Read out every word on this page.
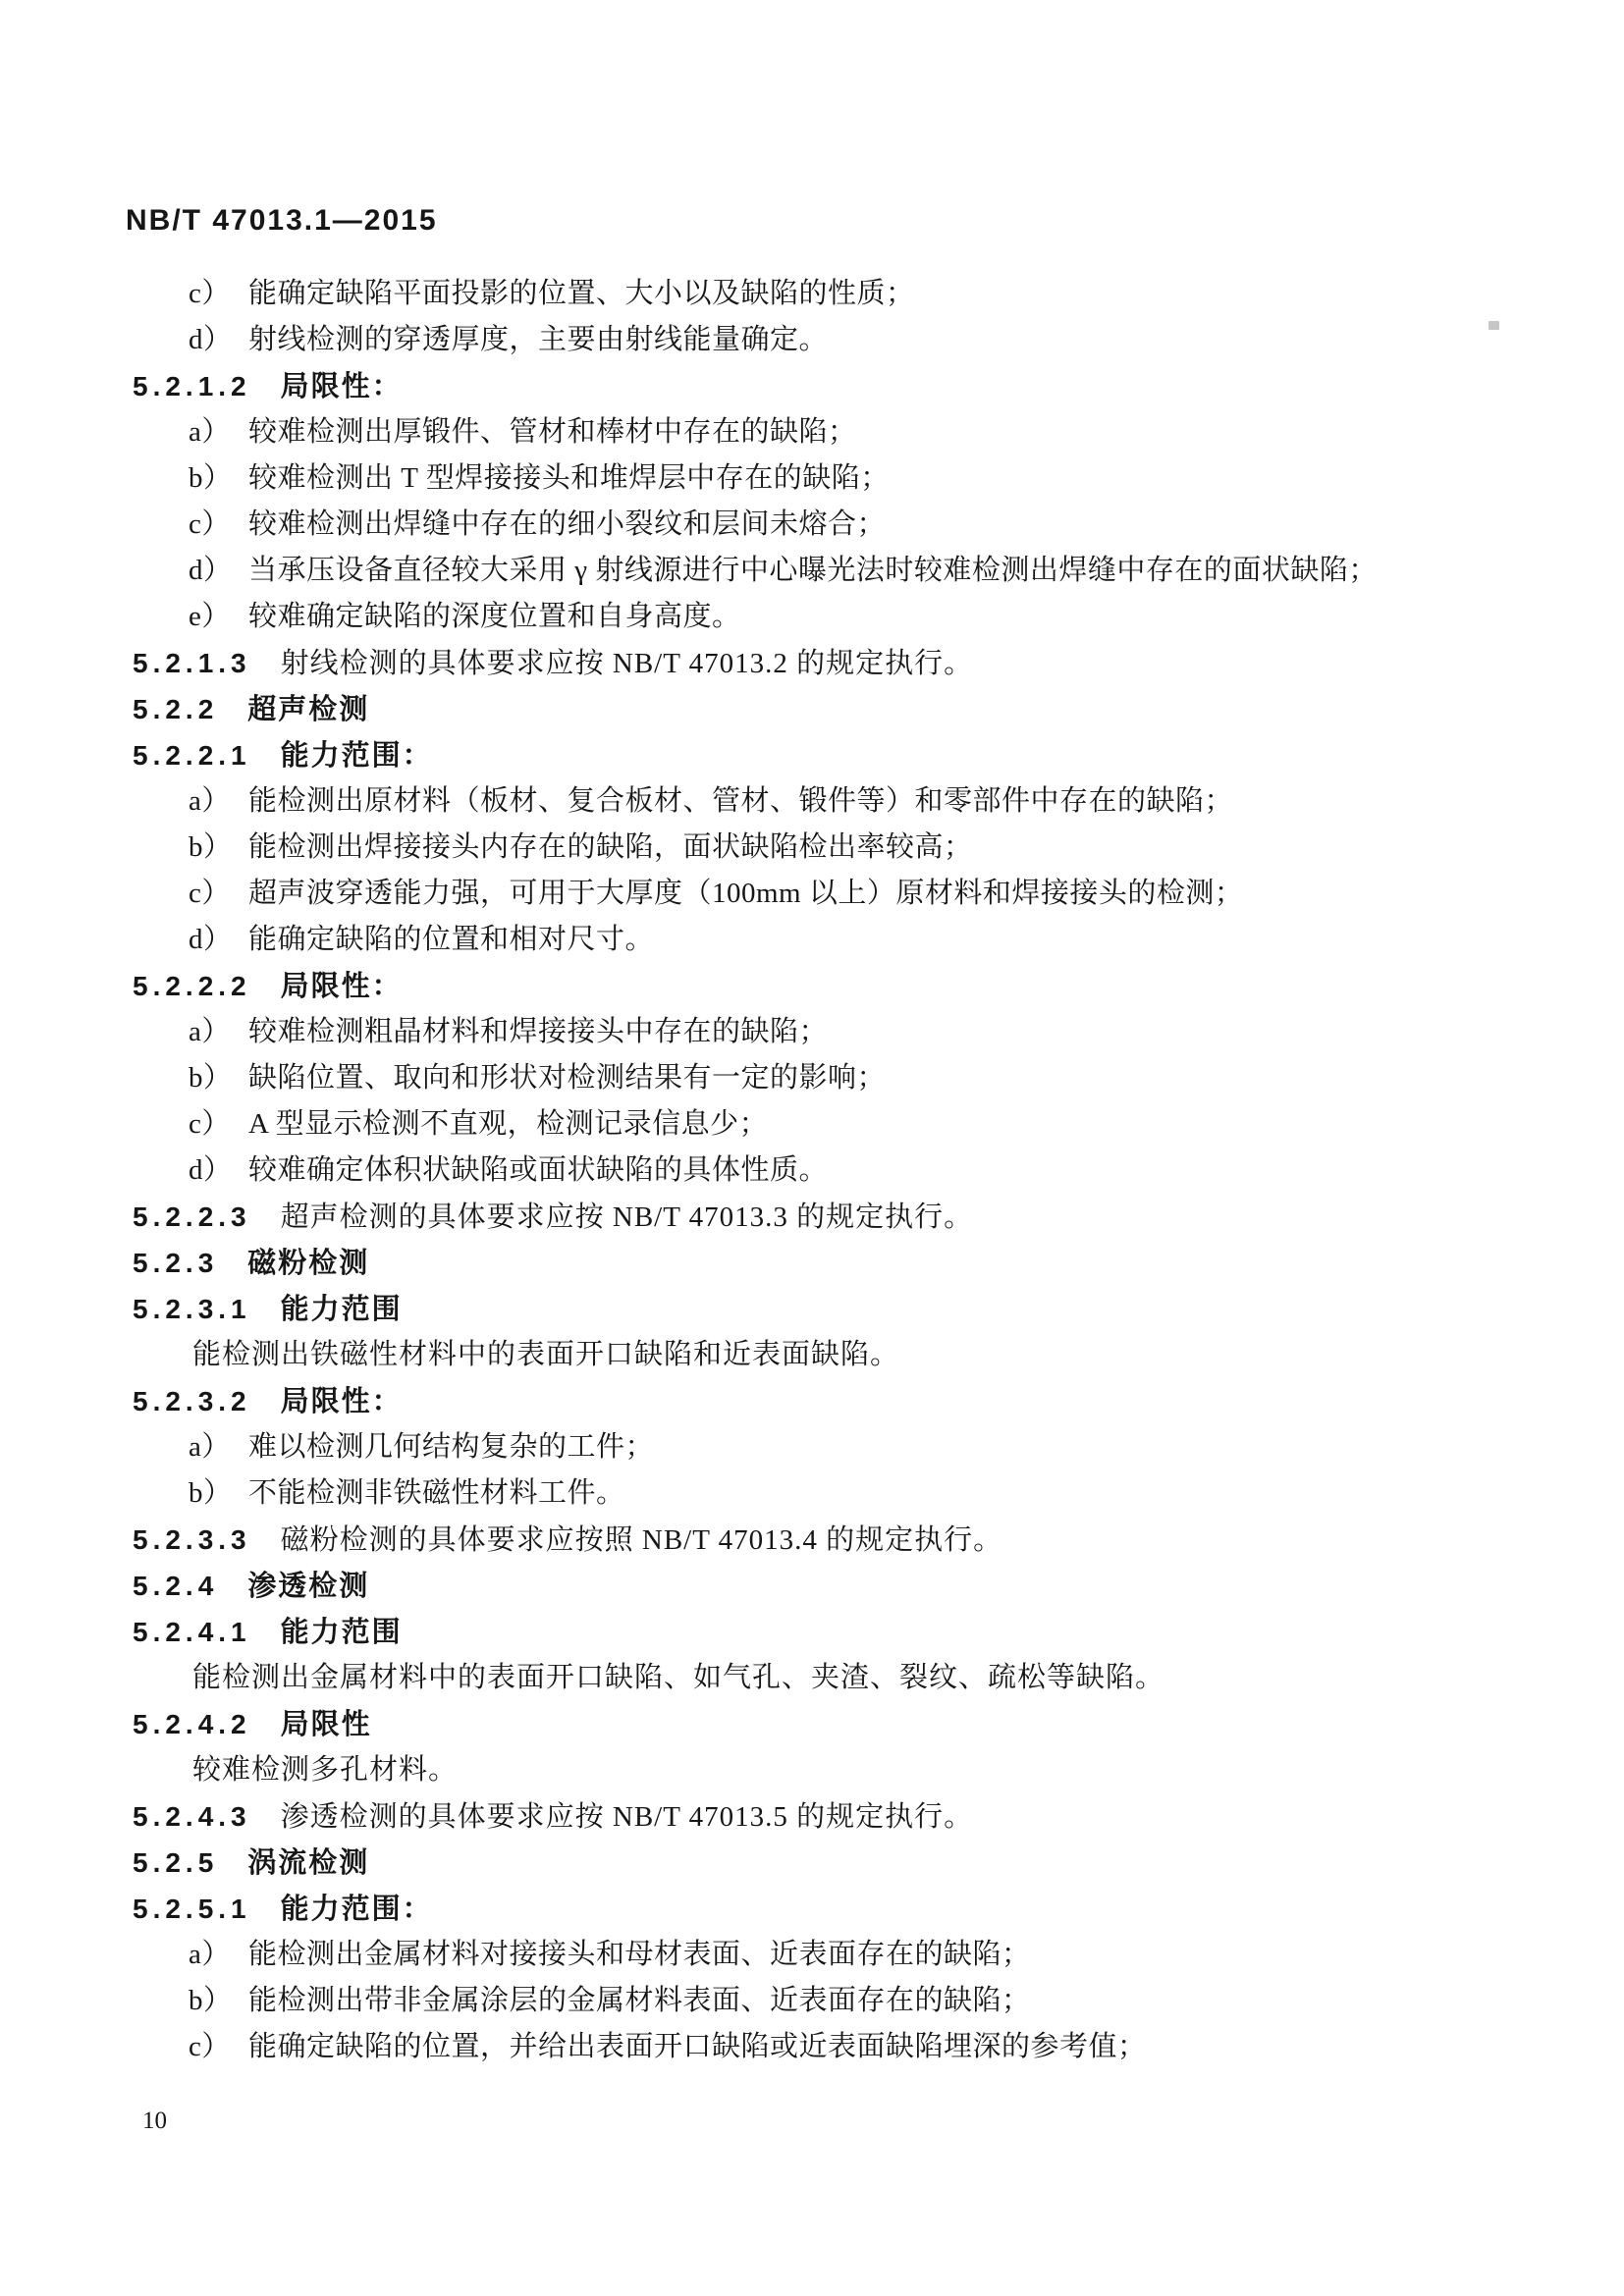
NB/T 47013.1—2015
c） 能确定缺陷平面投影的位置、大小以及缺陷的性质；
d） 射线检测的穿透厚度，主要由射线能量确定。
5.2.1.2 局限性：
a） 较难检测出厚锻件、管材和棒材中存在的缺陷；
b） 较难检测出 T 型焊接接头和堆焊层中存在的缺陷；
c） 较难检测出焊缝中存在的细小裂纹和层间未熔合；
d） 当承压设备直径较大采用 γ 射线源进行中心曝光法时较难检测出焊缝中存在的面状缺陷；
e） 较难确定缺陷的深度位置和自身高度。
5.2.1.3 射线检测的具体要求应按 NB/T 47013.2 的规定执行。
5.2.2 超声检测
5.2.2.1 能力范围：
a） 能检测出原材料（板材、复合板材、管材、锻件等）和零部件中存在的缺陷；
b） 能检测出焊接接头内存在的缺陷，面状缺陷检出率较高；
c） 超声波穿透能力强，可用于大厚度（100mm 以上）原材料和焊接接头的检测；
d） 能确定缺陷的位置和相对尺寸。
5.2.2.2 局限性：
a） 较难检测粗晶材料和焊接接头中存在的缺陷；
b） 缺陷位置、取向和形状对检测结果有一定的影响；
c） A 型显示检测不直观，检测记录信息少；
d） 较难确定体积状缺陷或面状缺陷的具体性质。
5.2.2.3 超声检测的具体要求应按 NB/T 47013.3 的规定执行。
5.2.3 磁粉检测
5.2.3.1 能力范围
能检测出铁磁性材料中的表面开口缺陷和近表面缺陷。
5.2.3.2 局限性：
a） 难以检测几何结构复杂的工件；
b） 不能检测非铁磁性材料工件。
5.2.3.3 磁粉检测的具体要求应按照 NB/T 47013.4 的规定执行。
5.2.4 渗透检测
5.2.4.1 能力范围
能检测出金属材料中的表面开口缺陷、如气孔、夹渣、裂纹、疏松等缺陷。
5.2.4.2 局限性
较难检测多孔材料。
5.2.4.3 渗透检测的具体要求应按 NB/T 47013.5 的规定执行。
5.2.5 涡流检测
5.2.5.1 能力范围：
a） 能检测出金属材料对接接头和母材表面、近表面存在的缺陷；
b） 能检测出带非金属涂层的金属材料表面、近表面存在的缺陷；
c） 能确定缺陷的位置，并给出表面开口缺陷或近表面缺陷埋深的参考值；
10
